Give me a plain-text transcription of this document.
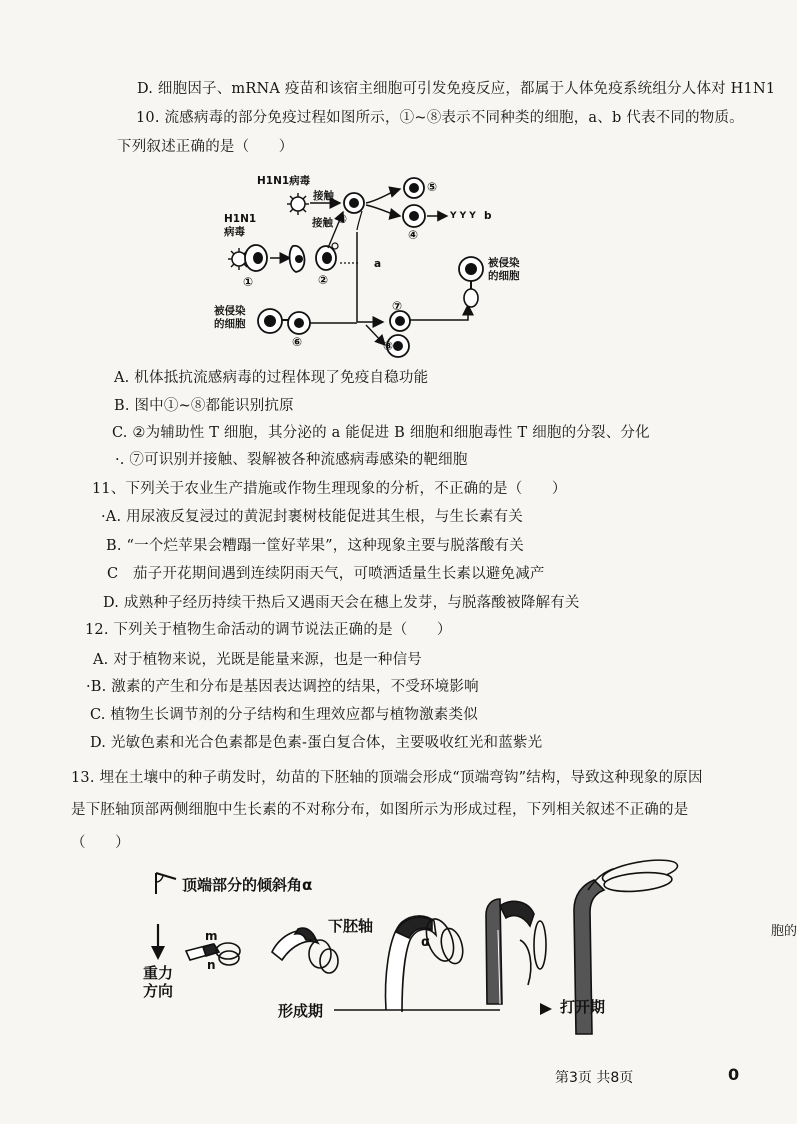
D. 细胞因子、mRNA 疫苗和该宿主细胞可引发免疫反应，都属于人体免疫系统组分人体对 H1N1
10. 流感病毒的部分免疫过程如图所示，①~⑧表示不同种类的细胞，a、b 代表不同的物质。
下列叙述正确的是（　　）
H1N1病毒
接触
接触
H1N1 病毒
a
Y Y Y b
被侵染 的细胞
被侵染 的细胞
①	②
③
④
⑤
⑥
⑦
⑧
A. 机体抵抗流感病毒的过程体现了免疫自稳功能
B. 图中①~⑧都能识别抗原
C. ②为辅助性 T 细胞，其分泌的 a 能促进 B 细胞和细胞毒性 T 细胞的分裂、分化
·. ⑦可识别并接触、裂解被各种流感病毒感染的靶细胞
11、下列关于农业生产措施或作物生理现象的分析，不正确的是（　　）
·A. 用尿液反复浸过的黄泥封裹树枝能促进其生根，与生长素有关
B. “一个烂苹果会糟蹋一筐好苹果”，这种现象主要与脱落酸有关
C　茄子开花期间遇到连续阴雨天气，可喷洒适量生长素以避免减产
D. 成熟种子经历持续干热后又遇雨天会在穗上发芽，与脱落酸被降解有关
12. 下列关于植物生命活动的调节说法正确的是（　　）
A. 对于植物来说，光既是能量来源，也是一种信号
·B. 激素的产生和分布是基因表达调控的结果，不受环境影响
C. 植物生长调节剂的分子结构和生理效应都与植物激素类似
D. 光敏色素和光合色素都是色素-蛋白复合体，主要吸收红光和蓝紫光
13. 埋在土壤中的种子萌发时，幼苗的下胚轴的顶端会形成“顶端弯钩”结构，导致这种现象的原因
是下胚轴顶部两侧细胞中生长素的不对称分布，如图所示为形成过程，下列相关叙述不正确的是
（　　）
顶端部分的倾斜角α
下胚轴
重力 方向
形成期	打开期
m
n
α
胞的
第3页 共8页	0
